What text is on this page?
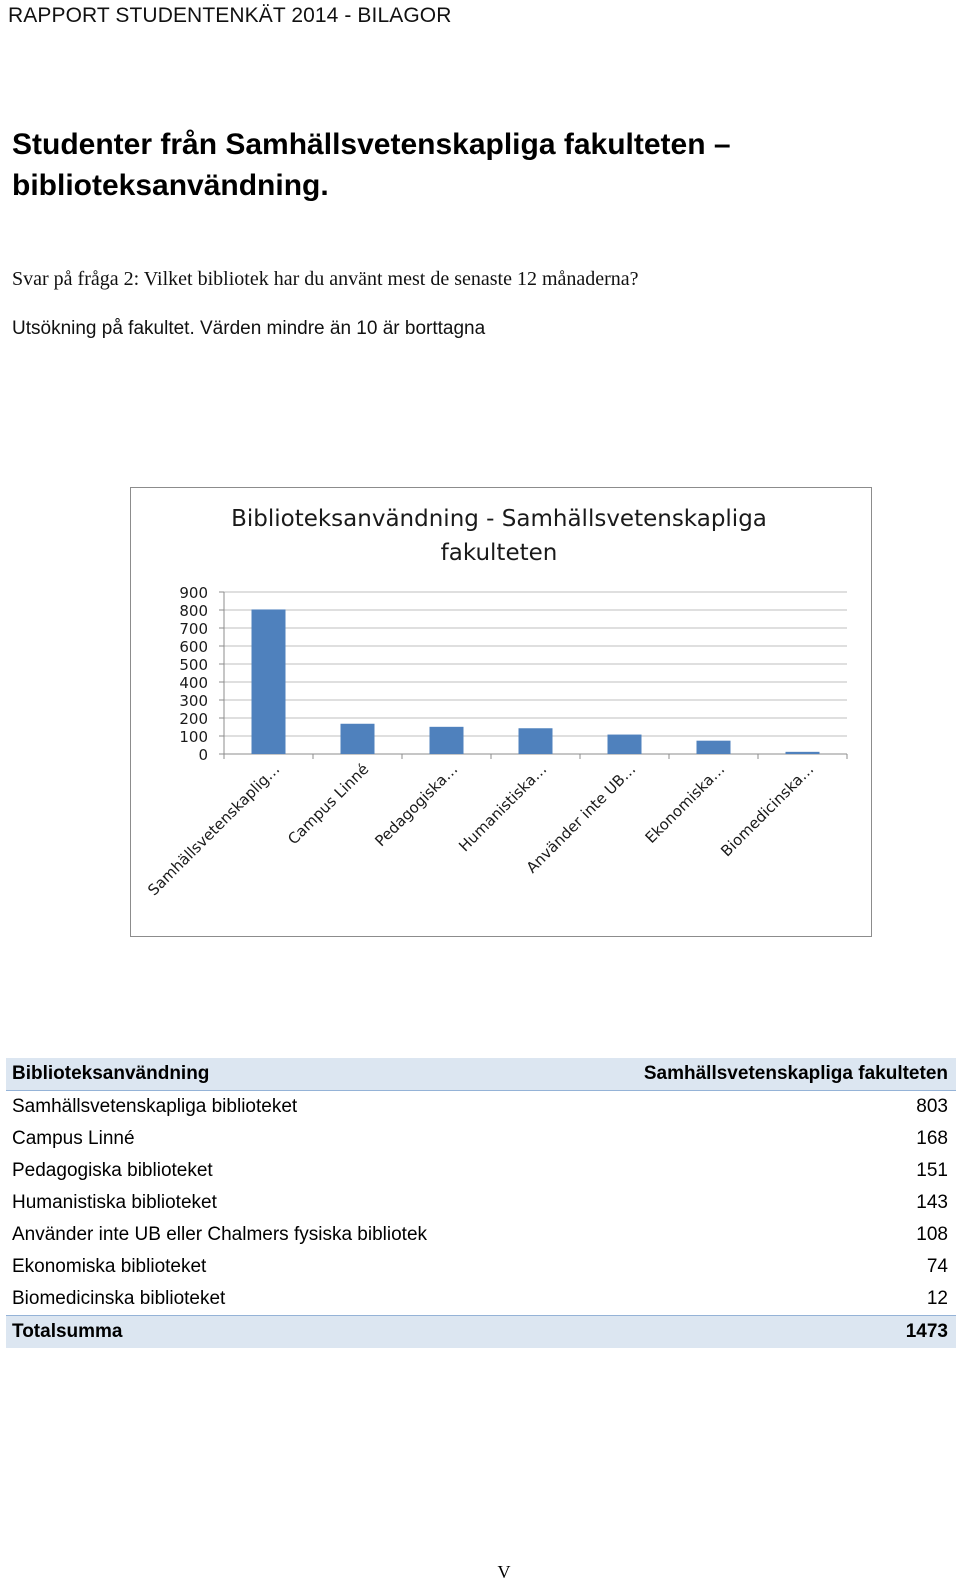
RAPPORT STUDENTENKÄT 2014 - BILAGOR
Studenter från Samhällsvetenskapliga fakulteten –
biblioteksanvändning.
Svar på fråga 2: Vilket bibliotek har du använt mest de senaste 12 månaderna?
Utsökning på fakultet. Värden mindre än 10 är borttagna
Biblioteksanvändning - Samhällsvetenskapliga
fakulteten
0
100
200
300
400
500
600
700
800
900
Samhällsvetenskaplig… Campus Linné
Pedagogiska…
Humanistiska…
Använder inte UB… Ekonomiska…
Biomedicinska…
Biblioteksanvändning	Samhällsvetenskapliga fakulteten
Samhällsvetenskapliga biblioteket	803
Campus Linné	168
Pedagogiska biblioteket	151
Humanistiska biblioteket	143
Använder inte UB eller Chalmers fysiska bibliotek	108
Ekonomiska biblioteket	74
Biomedicinska biblioteket	12
Totalsumma	1473
V
